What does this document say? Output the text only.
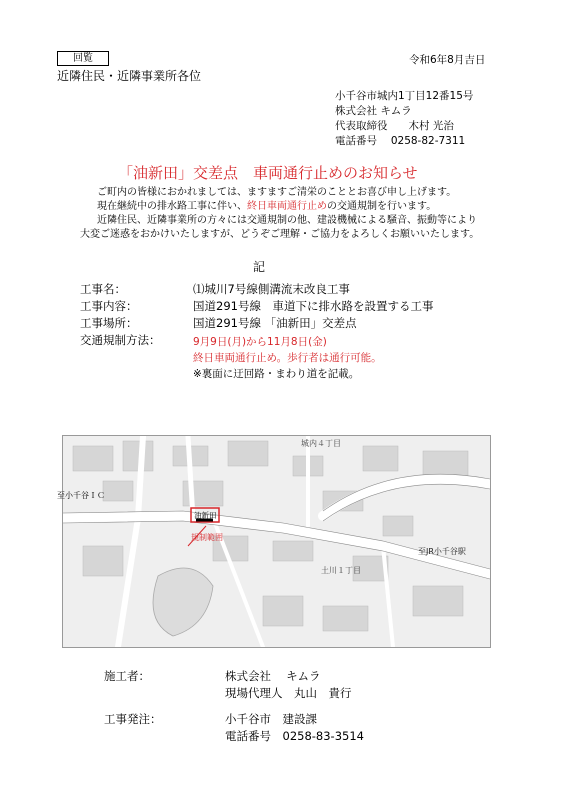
回覧	令和6年8月吉日
近隣住民・近隣事業所各位
小千谷市城内1丁目12番15号
株式会社 キムラ
代表取締役　　木村 光治
電話番号　 0258-82-7311
「油新田」交差点　車両通行止めのお知らせ
ご町内の皆様におかれましては、ますますご清栄のこととお喜び申し上げます。
現在継続中の排水路工事に伴い、終日車両通行止めの交通規制を行います。
近隣住民、近隣事業所の方々には交通規制の他、建設機械による騒音、振動等により
大変ご迷惑をおかけいたしますが、どうぞご理解・ご協力をよろしくお願いいたします。
記
工事名：	⑴城川7号線側溝流末改良工事
工事内容：	国道291号線　車道下に排水路を設置する工事
工事場所：	国道291号線 「油新田」交差点
交通規制方法：	9月9日(月)から11月8日(金)
終日車両通行止め。歩行者は通行可能。
※裏面に迂回路・まわり道を記載。
城内４丁目
油新田
規制範囲
至JR小千谷駅
土川１丁目
至小千谷ＩＣ
施工者：	株式会社　 キムラ
現場代理人　丸山　貴行
工事発注：	小千谷市　建設課
電話番号　0258-83-3514
